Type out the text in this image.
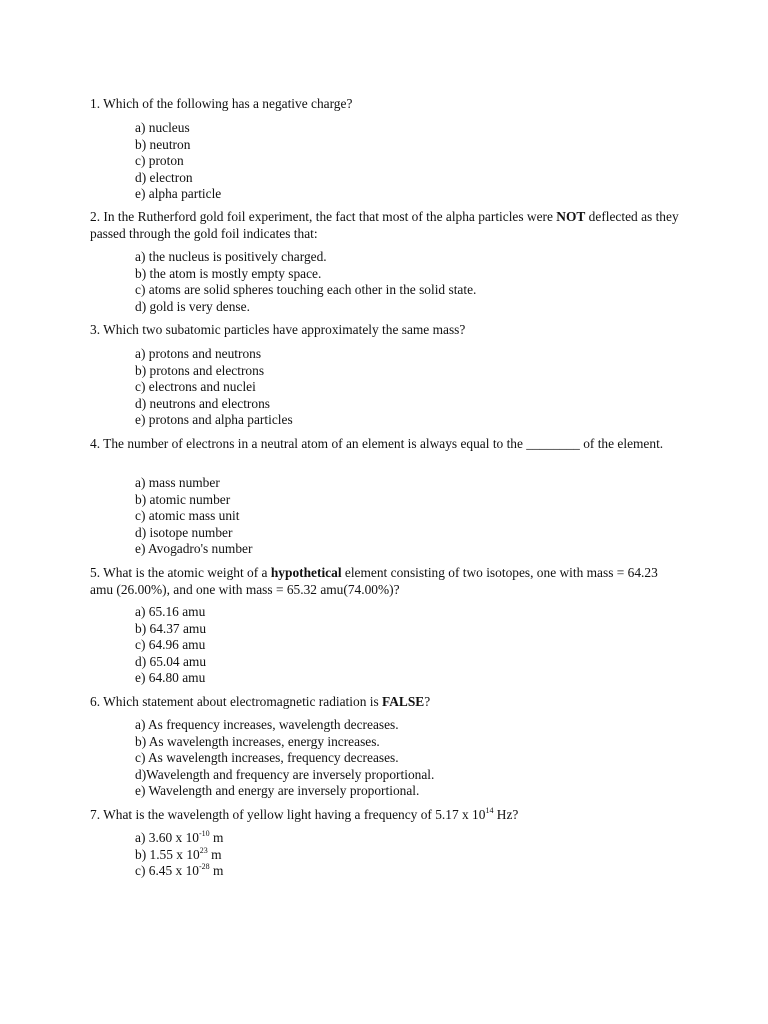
1. Which of the following has a negative charge?

a) nucleus
b) neutron
c) proton
d) electron
e) alpha particle

2. In the Rutherford gold foil experiment, the fact that most of the alpha particles were NOT deflected as they passed through the gold foil indicates that:

a) the nucleus is positively charged.
b) the atom is mostly empty space.
c) atoms are solid spheres touching each other in the solid state.
d) gold is very dense.

3. Which two subatomic particles have approximately the same mass?

a) protons and neutrons
b) protons and electrons
c) electrons and nuclei
d) neutrons and electrons
e) protons and alpha particles

4. The number of electrons in a neutral atom of an element is always equal to the ________ of the element.

a) mass number
b) atomic number
c) atomic mass unit
d) isotope number
e) Avogadro's number

5. What is the atomic weight of a hypothetical element consisting of two isotopes, one with mass = 64.23 amu (26.00%), and one with mass = 65.32 amu(74.00%)?

a) 65.16 amu
b) 64.37 amu
c) 64.96 amu
d) 65.04 amu
e) 64.80 amu

6. Which statement about electromagnetic radiation is FALSE?

a) As frequency increases, wavelength decreases.
b) As wavelength increases, energy increases.
c) As wavelength increases, frequency decreases.
d)Wavelength and frequency are inversely proportional.
e) Wavelength and energy are inversely proportional.

7. What is the wavelength of yellow light having a frequency of 5.17 x $10^{14}$ Hz?

a) 3.60 x $10^{-10}$ m
b) 1.55 x $10^{23}$ m
c) 6.45 x $10^{-28}$ m
